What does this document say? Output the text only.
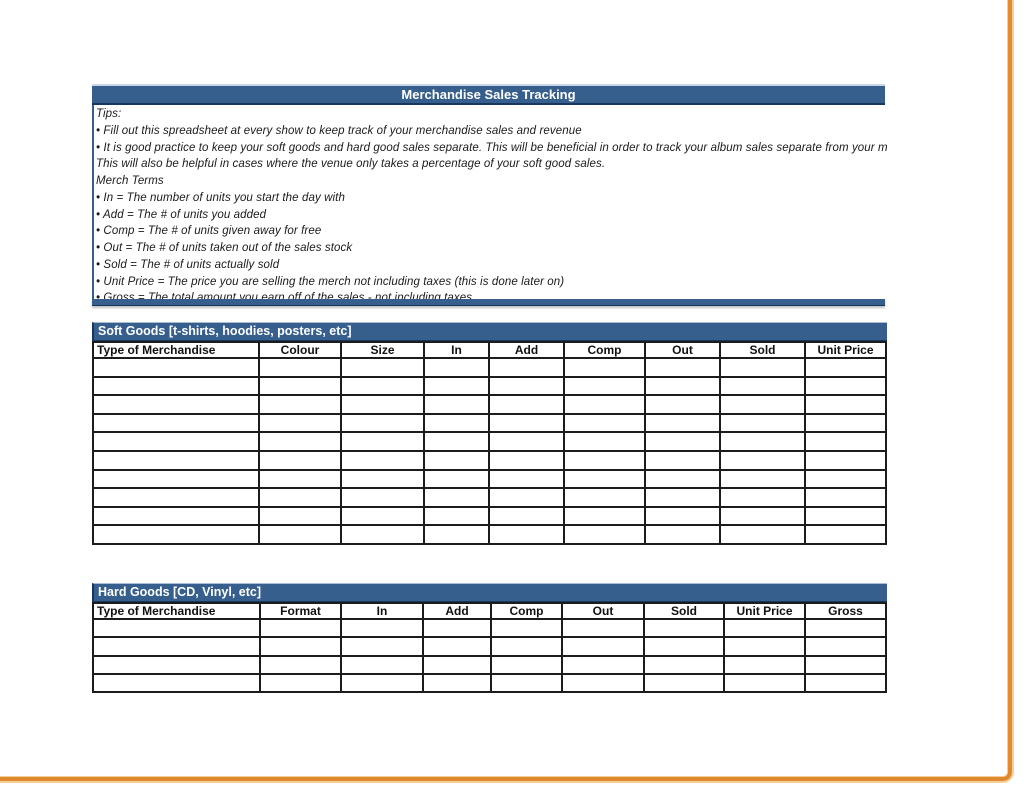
Merchandise Sales Tracking
Tips:
• Fill out this spreadsheet at every show to keep track of your merchandise sales and revenue
• It is good practice to keep your soft goods and hard good sales separate. This will be beneficial in order to track your album sales separate from your m
This will also be helpful in cases where the venue only takes a percentage of your soft good sales.
Merch Terms
• In = The number of units you start the day with
• Add = The # of units you added
• Comp = The # of units given away for free
• Out = The # of units taken out of the sales stock
• Sold = The # of units actually sold
• Unit Price = The price you are selling the merch not including taxes (this is done later on)
Soft Goods [t-shirts, hoodies, posters, etc]
Type of Merchandise	Colour	Size	In	Add	Comp	Out	Sold	Unit Price

Hard Goods [CD, Vinyl, etc]
Type of Merchandise	Format	In	Add	Comp	Out	Sold	Unit Price	Gross
